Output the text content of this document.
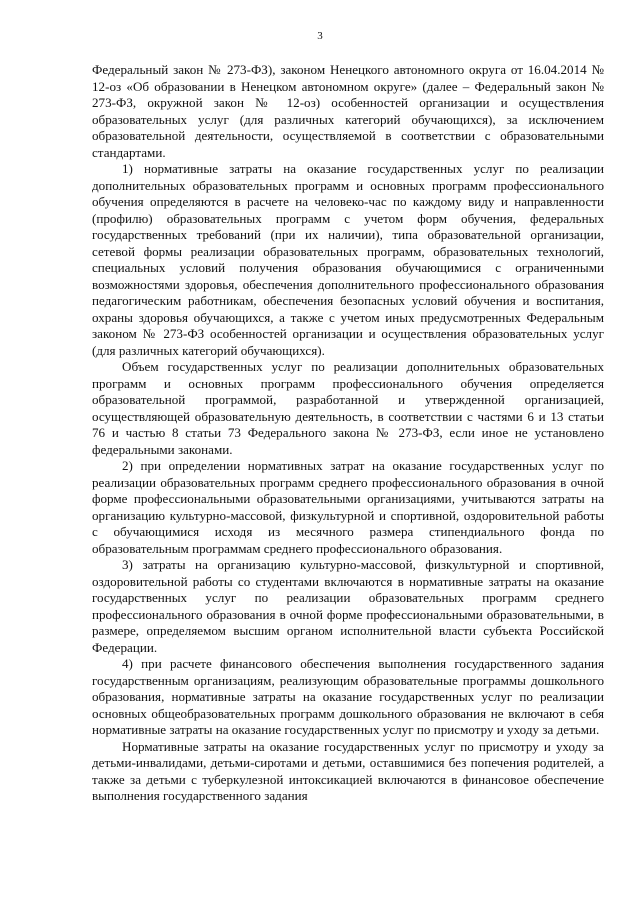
3

Федеральный закон № 273-ФЗ), законом Ненецкого автономного округа от 16.04.2014 № 12-оз «Об образовании в Ненецком автономном округе» (далее – Федеральный закон № 273-ФЗ, окружной закон № 12-оз) особенностей организации и осуществления образовательных услуг (для различных категорий обучающихся), за исключением образовательной деятельности, осуществляемой в соответствии с образовательными стандартами.

1) нормативные затраты на оказание государственных услуг по реализации дополнительных образовательных программ и основных программ профессионального обучения определяются в расчете на человеко-час по каждому виду и направленности (профилю) образовательных программ с учетом форм обучения, федеральных государственных требований (при их наличии), типа образовательной организации, сетевой формы реализации образовательных программ, образовательных технологий, специальных условий получения образования обучающимися с ограниченными возможностями здоровья, обеспечения дополнительного профессионального образования педагогическим работникам, обеспечения безопасных условий обучения и воспитания, охраны здоровья обучающихся, а также с учетом иных предусмотренных Федеральным законом № 273-ФЗ особенностей организации и осуществления образовательных услуг (для различных категорий обучающихся).

Объем государственных услуг по реализации дополнительных образовательных программ и основных программ профессионального обучения определяется образовательной программой, разработанной и утвержденной организацией, осуществляющей образовательную деятельность, в соответствии с частями 6 и 13 статьи 76 и частью 8 статьи 73 Федерального закона № 273-ФЗ, если иное не установлено федеральными законами.

2) при определении нормативных затрат на оказание государственных услуг по реализации образовательных программ среднего профессионального образования в очной форме профессиональными образовательными организациями, учитываются затраты на организацию культурно-массовой, физкультурной и спортивной, оздоровительной работы с обучающимися исходя из месячного размера стипендиального фонда по образовательным программам среднего профессионального образования.

3) затраты на организацию культурно-массовой, физкультурной и спортивной, оздоровительной работы со студентами включаются в нормативные затраты на оказание государственных услуг по реализации образовательных программ среднего профессионального образования в очной форме профессиональными образовательными, в размере, определяемом высшим органом исполнительной власти субъекта Российской Федерации.

4) при расчете финансового обеспечения выполнения государственного задания государственным организациям, реализующим образовательные программы дошкольного образования, нормативные затраты на оказание государственных услуг по реализации основных общеобразовательных программ дошкольного образования не включают в себя нормативные затраты на оказание государственных услуг по присмотру и уходу за детьми.

Нормативные затраты на оказание государственных услуг по присмотру и уходу за детьми-инвалидами, детьми-сиротами и детьми, оставшимися без попечения родителей, а также за детьми с туберкулезной интоксикацией включаются в финансовое обеспечение выполнения государственного задания
